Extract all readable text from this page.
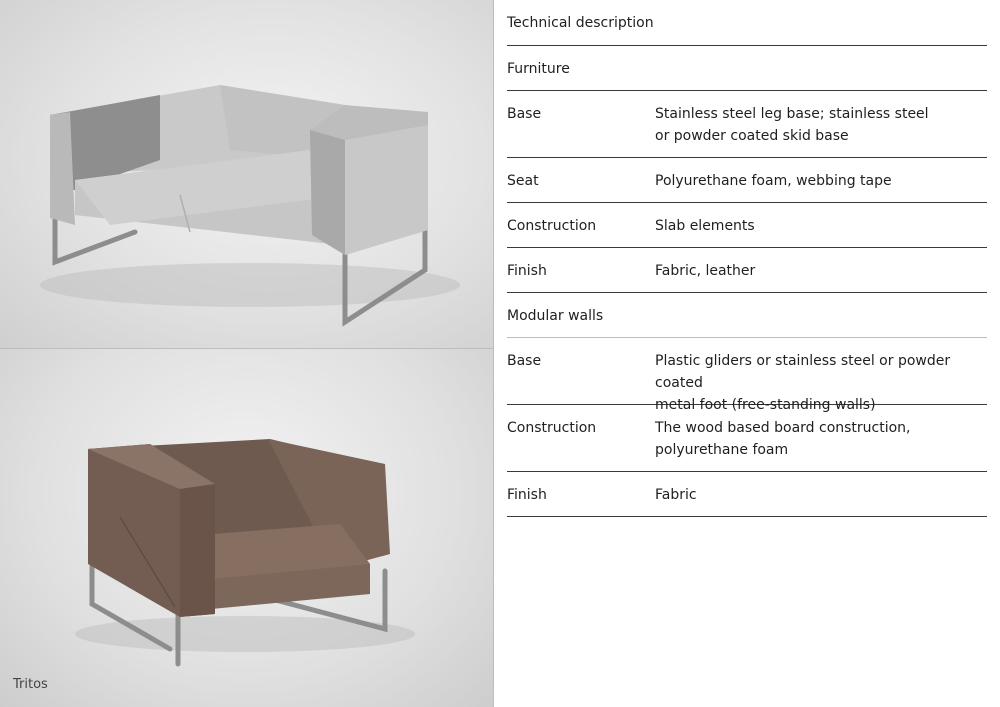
Tritos
Technical description
Furniture
Base	Stainless steel leg base; stainless steel
or powder coated skid base
Seat	Polyurethane foam, webbing tape
Construction	Slab elements
Finish	Fabric, leather
Modular walls
Base	Plastic gliders or stainless steel or powder coated
metal foot (free-standing walls)
Construction	The wood based board construction,
polyurethane foam
Finish	Fabric
